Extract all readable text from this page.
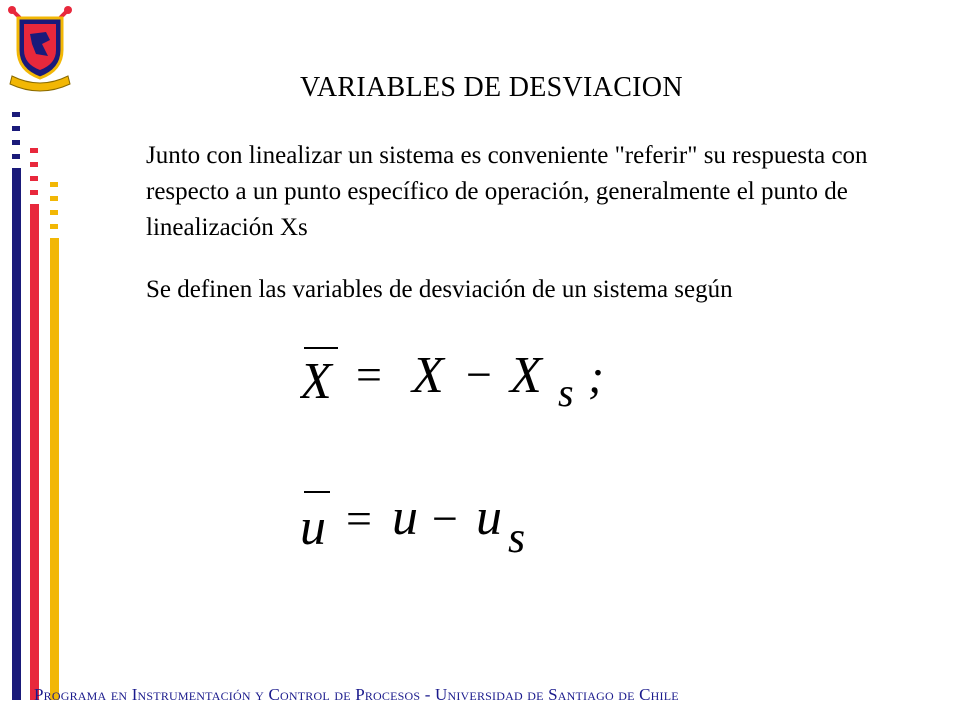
VARIABLES DE DESVIACION
Junto con linealizar un sistema es conveniente "referir" su respuesta con respecto a un punto específico de operación, generalmente el punto de linealización Xs
Se definen las variables de desviación de un sistema según
X = X − X s ;
u = u − u s
Programa en Instrumentación y Control de Procesos - Universidad de Santiago de Chile
